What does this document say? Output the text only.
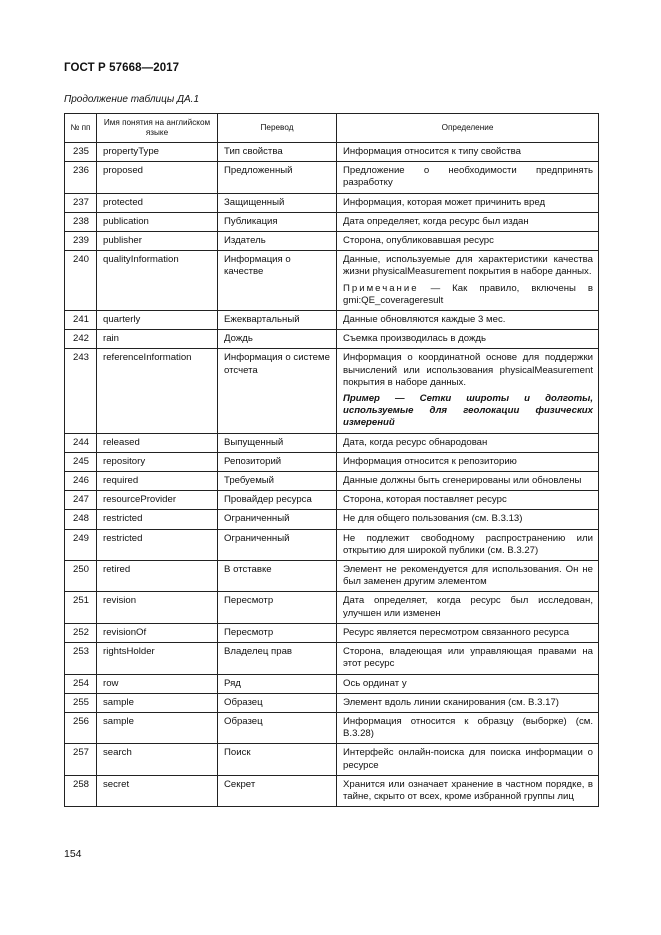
ГОСТ Р 57668—2017
Продолжение таблицы ДА.1
№ пп	Имя понятия на английском языке	Перевод	Определение
235	propertyType	Тип свойства	Информация относится к типу свойства

236	proposed	Предложенный	Предложение о необходимости предпринять разработку

237	protected	Защищенный	Информация, которая может причинить вред

238	publication	Публикация	Дата определяет, когда ресурс был издан

239	publisher	Издатель	Сторона, опубликовавшая ресурс

240	qualityInformation	Информация о качестве	Данные, используемые для характеристики качества жизни physicalMeasurement покрытия в наборе данных.
Примечание — Как правило, включены в gmi:QE_coverageresult

241	quarterly	Ежеквартальный	Данные обновляются каждые 3 мес.

242	rain	Дождь	Съемка производилась в дождь

243	referenceInformation	Информация о системе отсчета	Информация о координатной основе для поддержки вычислений или использования physicalMeasurement покрытия в наборе данных.
Пример — Сетки широты и долготы, используемые для геолокации физических измерений

244	released	Выпущенный	Дата, когда ресурс обнародован

245	repository	Репозиторий	Информация относится к репозиторию

246	required	Требуемый	Данные должны быть сгенерированы или обновлены

247	resourceProvider	Провайдер ресурса	Сторона, которая поставляет ресурс

248	restricted	Ограниченный	Не для общего пользования (см. В.3.13)

249	restricted	Ограниченный	Не подлежит свободному распространению или открытию для широкой публики (см. В.3.27)

250	retired	В отставке	Элемент не рекомендуется для использования. Он не был заменен другим элементом

251	revision	Пересмотр	Дата определяет, когда ресурс был исследован, улучшен или изменен

252	revisionOf	Пересмотр	Ресурс является пересмотром связанного ресурса

253	rightsHolder	Владелец прав	Сторона, владеющая или управляющая правами на этот ресурс

254	row	Ряд	Ось ординат y

255	sample	Образец	Элемент вдоль линии сканирования (см. В.3.17)

256	sample	Образец	Информация относится к образцу (выборке) (см. В.3.28)

257	search	Поиск	Интерфейс онлайн-поиска для поиска информации о ресурсе

258	secret	Секрет	Хранится или означает хранение в частном порядке, в тайне, скрыто от всех, кроме избранной группы лиц
154
